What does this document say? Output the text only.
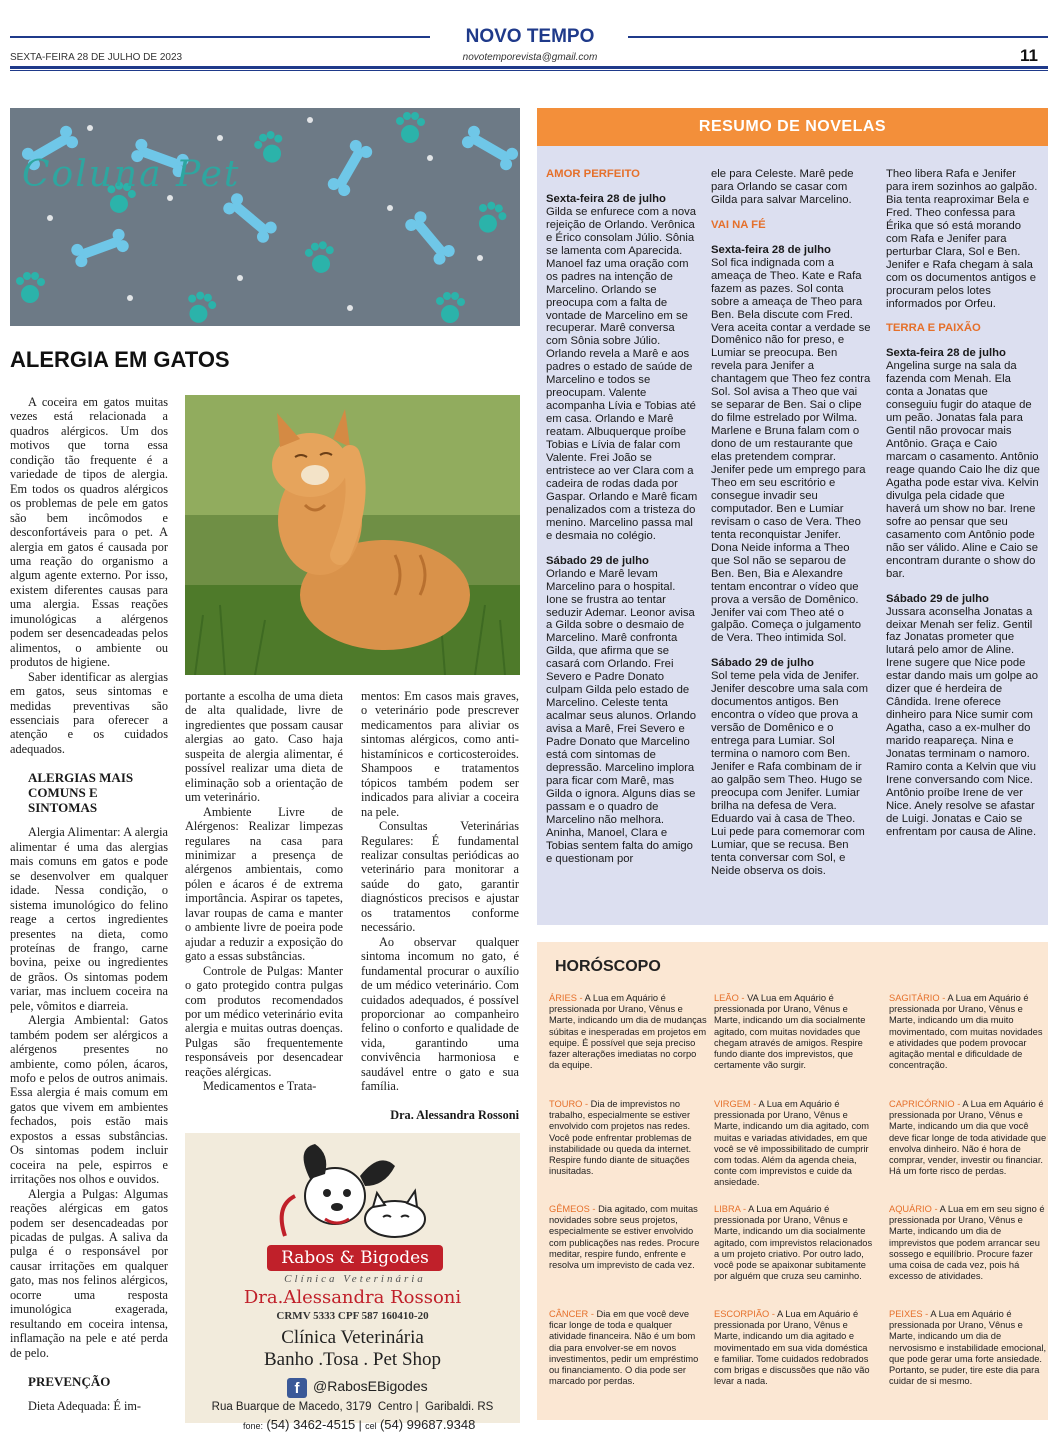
NOVO TEMPO
SEXTA-FEIRA 28 DE JULHO DE 2023	novotemporevista@gmail.com	11
Coluna Pet
ALERGIA EM GATOS

A coceira em gatos muitas vezes está relacionada a quadros alérgicos. Um dos motivos que torna essa condição tão frequente é a variedade de tipos de alergia. Em todos os quadros alérgicos os problemas de pele em gatos são bem incômodos e desconfortáveis para o pet. A alergia em gatos é causada por uma reação do organismo a algum agente externo. Por isso, existem diferentes causas para uma alergia. Essas reações imunológicas a alérgenos podem ser desencadeadas pelos alimentos, o ambiente ou produtos de higiene.

Saber identificar as alergias em gatos, seus sintomas e medidas preventivas são essenciais para oferecer a atenção e os cuidados adequados.

ALERGIAS MAIS COMUNS E SINTOMAS

Alergia Alimentar: A alergia alimentar é uma das alergias mais comuns em gatos e pode se desenvolver em qualquer idade. Nessa condição, o sistema imunológico do felino reage a certos ingredientes presentes na dieta, como proteínas de frango, carne bovina, peixe ou ingredientes de grãos. Os sintomas podem variar, mas incluem coceira na pele, vômitos e diarreia.

Alergia Ambiental: Gatos também podem ser alérgicos a alérgenos presentes no ambiente, como pólen, ácaros, mofo e pelos de outros animais. Essa alergia é mais comum em gatos que vivem em ambientes fechados, pois estão mais expostos a essas substâncias. Os sintomas podem incluir coceira na pele, espirros e irritações nos olhos e ouvidos.

Alergia a Pulgas: Algumas reações alérgicas em gatos podem ser desencadeadas por picadas de pulgas. A saliva da pulga é o responsável por causar irritações em qualquer gato, mas nos felinos alérgicos, ocorre uma resposta imunológica exagerada, resultando em coceira intensa, inflamação na pele e até perda de pelo.

PREVENÇÃO

Dieta Adequada: É im-

portante a escolha de uma dieta de alta qualidade, livre de ingredientes que possam causar alergias ao gato. Caso haja suspeita de alergia alimentar, é possível realizar uma dieta de eliminação sob a orientação de um veterinário.

Ambiente Livre de Alérgenos: Realizar limpezas regulares na casa para minimizar a presença de alérgenos ambientais, como pólen e ácaros é de extrema importância. Aspirar os tapetes, lavar roupas de cama e manter o ambiente livre de poeira pode ajudar a reduzir a exposição do gato a essas substâncias.

Controle de Pulgas: Manter o gato protegido contra pulgas com produtos recomendados por um médico veterinário evita alergia e muitas outras doenças. Pulgas são frequentemente responsáveis por desencadear reações alérgicas.

Medicamentos e Trata-

mentos: Em casos mais graves, o veterinário pode prescrever medicamentos para aliviar os sintomas alérgicos, como anti-histamínicos e corticosteroides. Shampoos e tratamentos tópicos também podem ser indicados para aliviar a coceira na pele.

Consultas Veterinárias Regulares: É fundamental realizar consultas periódicas ao veterinário para monitorar a saúde do gato, garantir diagnósticos precisos e ajustar os tratamentos conforme necessário.

Ao observar qualquer sintoma incomum no gato, é fundamental procurar o auxílio de um médico veterinário. Com cuidados adequados, é possível proporcionar ao companheiro felino o conforto e qualidade de vida, garantindo uma convivência harmoniosa e saudável entre o gato e sua família.

Dra. Alessandra Rossoni

Rabos & Bigodes
Clínica Veterinária
Dra.Alessandra Rossoni
CRMV 5333 CPF 587 160410-20
Clínica Veterinária
Banho .Tosa . Pet Shop
f @RabosEBigodes
Rua Buarque de Macedo, 3179  Centro |  Garibaldi. RS
fone: (54) 3462-4515 | cel (54) 99687.9348
RESUMO DE NOVELAS
AMOR PERFEITO
Sexta-feira 28 de julho
Gilda se enfurece com a nova rejeição de Orlando. Verônica e Érico consolam Júlio. Sônia se lamenta com Aparecida. Manoel faz uma oração com os padres na intenção de Marcelino. Orlando se preocupa com a falta de vontade de Marcelino em se recuperar. Marê conversa com Sônia sobre Júlio. Orlando revela a Marê e aos padres o estado de saúde de Marcelino e todos se preocupam. Valente acompanha Lívia e Tobias até em casa. Orlando e Marê reatam. Albuquerque proíbe Tobias e Lívia de falar com Valente. Frei João se entristece ao ver Clara com a cadeira de rodas dada por Gaspar. Orlando e Marê ficam penalizados com a tristeza do menino. Marcelino passa mal e desmaia no colégio.
Sábado 29 de julho
Orlando e Marê levam Marcelino para o hospital. Ione se frustra ao tentar seduzir Ademar. Leonor avisa a Gilda sobre o desmaio de Marcelino. Marê confronta Gilda, que afirma que se casará com Orlando. Frei Severo e Padre Donato culpam Gilda pelo estado de Marcelino. Celeste tenta acalmar seus alunos. Orlando avisa a Marê, Frei Severo e Padre Donato que Marcelino está com sintomas de depressão. Marcelino implora para ficar com Marê, mas Gilda o ignora. Alguns dias se passam e o quadro de Marcelino não melhora. Aninha, Manoel, Clara e Tobias sentem falta do amigo e questionam por
ele para Celeste. Marê pede para Orlando se casar com Gilda para salvar Marcelino.
VAI NA FÉ
Sexta-feira 28 de julho
Sol fica indignada com a ameaça de Theo. Kate e Rafa fazem as pazes. Sol conta sobre a ameaça de Theo para Ben. Bela discute com Fred. Vera aceita contar a verdade se Domênico não for preso, e Lumiar se preocupa. Ben revela para Jenifer a chantagem que Theo fez contra Sol. Sol avisa a Theo que vai se separar de Ben. Sai o clipe do filme estrelado por Wilma. Marlene e Bruna falam com o dono de um restaurante que elas pretendem comprar. Jenifer pede um emprego para Theo em seu escritório e consegue invadir seu computador. Ben e Lumiar revisam o caso de Vera. Theo tenta reconquistar Jenifer. Dona Neide informa a Theo que Sol não se separou de Ben. Ben, Bia e Alexandre tentam encontrar o vídeo que prova a versão de Domênico. Jenifer vai com Theo até o galpão. Começa o julgamento de Vera. Theo intimida Sol.
Sábado 29 de julho
Sol teme pela vida de Jenifer. Jenifer descobre uma sala com documentos antigos. Ben encontra o vídeo que prova a versão de Domênico e o entrega para Lumiar. Sol termina o namoro com Ben. Jenifer e Rafa combinam de ir ao galpão sem Theo. Hugo se preocupa com Jenifer. Lumiar brilha na defesa de Vera. Eduardo vai à casa de Theo. Lui pede para comemorar com Lumiar, que se recusa. Ben tenta conversar com Sol, e Neide observa os dois.
Theo libera Rafa e Jenifer para irem sozinhos ao galpão. Bia tenta reaproximar Bela e Fred. Theo confessa para Érika que só está morando com Rafa e Jenifer para perturbar Clara, Sol e Ben. Jenifer e Rafa chegam à sala com os documentos antigos e procuram pelos lotes informados por Orfeu.
TERRA E PAIXÃO
Sexta-feira 28 de julho
Angelina surge na sala da fazenda com Menah. Ela conta a Jonatas que conseguiu fugir do ataque de um peão. Jonatas fala para Gentil não provocar mais Antônio. Graça e Caio marcam o casamento. Antônio reage quando Caio lhe diz que Agatha pode estar viva. Kelvin divulga pela cidade que haverá um show no bar. Irene sofre ao pensar que seu casamento com Antônio pode não ser válido. Aline e Caio se encontram durante o show do bar.
Sábado 29 de julho
Jussara aconselha Jonatas a deixar Menah ser feliz. Gentil faz Jonatas prometer que lutará pelo amor de Aline. Irene sugere que Nice pode estar dando mais um golpe ao dizer que é herdeira de Cândida. Irene oferece dinheiro para Nice sumir com Agatha, caso a ex-mulher do marido reapareça. Nina e Jonatas terminam o namoro. Ramiro conta a Kelvin que viu Irene conversando com Nice. Antônio proíbe Irene de ver Nice. Anely resolve se afastar de Luigi. Jonatas e Caio se enfrentam por causa de Aline.
HORÓSCOPO
ÁRIES - A Lua em Aquário é pressionada por Urano, Vênus e Marte, indicando um dia de mudanças súbitas e inesperadas em projetos em equipe. É possível que seja preciso fazer alterações imediatas no corpo da equipe.
TOURO - Dia de imprevistos no trabalho, especialmente se estiver envolvido com projetos nas redes. Você pode enfrentar problemas de instabilidade ou queda da internet. Respire fundo diante de situações inusitadas.
GÊMEOS - Dia agitado, com muitas novidades sobre seus projetos, especialmente se estiver envolvido com publicações nas redes. Procure meditar, respire fundo, enfrente e resolva um imprevisto de cada vez.
CÂNCER - Dia em que você deve ficar longe de toda e qualquer atividade financeira. Não é um bom dia para envolver-se em novos investimentos, pedir um empréstimo ou financiamento. O dia pode ser marcado por perdas.
LEÃO - VA Lua em Aquário é pressionada por Urano, Vênus e Marte, indicando um dia socialmente agitado, com muitas novidades que chegam através de amigos. Respire fundo diante dos imprevistos, que certamente vão surgir.
VIRGEM - A Lua em Aquário é pressionada por Urano, Vênus e Marte, indicando um dia agitado, com muitas e variadas atividades, em que você se vê impossibilitado de cumprir com todas. Além da agenda cheia, conte com imprevistos e cuide da ansiedade.
LIBRA - A Lua em Aquário é pressionada por Urano, Vênus e Marte, indicando um dia socialmente agitado, com imprevistos relacionados a um projeto criativo. Por outro lado, você pode se apaixonar subitamente por alguém que cruza seu caminho.
ESCORPIÃO - A Lua em Aquário é pressionada por Urano, Vênus e Marte, indicando um dia agitado e movimentado em sua vida doméstica e familiar. Tome cuidados redobrados com brigas e discussões que não vão levar a nada.
SAGITÁRIO - A Lua em Aquário é pressionada por Urano, Vênus e Marte, indicando um dia muito movimentado, com muitas novidades e atividades que podem provocar agitação mental e dificuldade de concentração.
CAPRICÓRNIO - A Lua em Aquário é pressionada por Urano, Vênus e Marte, indicando um dia que você deve ficar longe de toda atividade que envolva dinheiro. Não é hora de comprar, vender, investir ou financiar. Há um forte risco de perdas.
AQUÁRIO - A Lua em em seu signo é pressionada por Urano, Vênus e Marte, indicando um dia de imprevistos que podem arrancar seu sossego e equilíbrio. Procure fazer uma coisa de cada vez, pois há excesso de atividades.
PEIXES - A Lua em Aquário é pressionada por Urano, Vênus e Marte, indicando um dia de nervosismo e instabilidade emocional, que pode gerar uma forte ansiedade. Portanto, se puder, tire este dia para cuidar de si mesmo.
